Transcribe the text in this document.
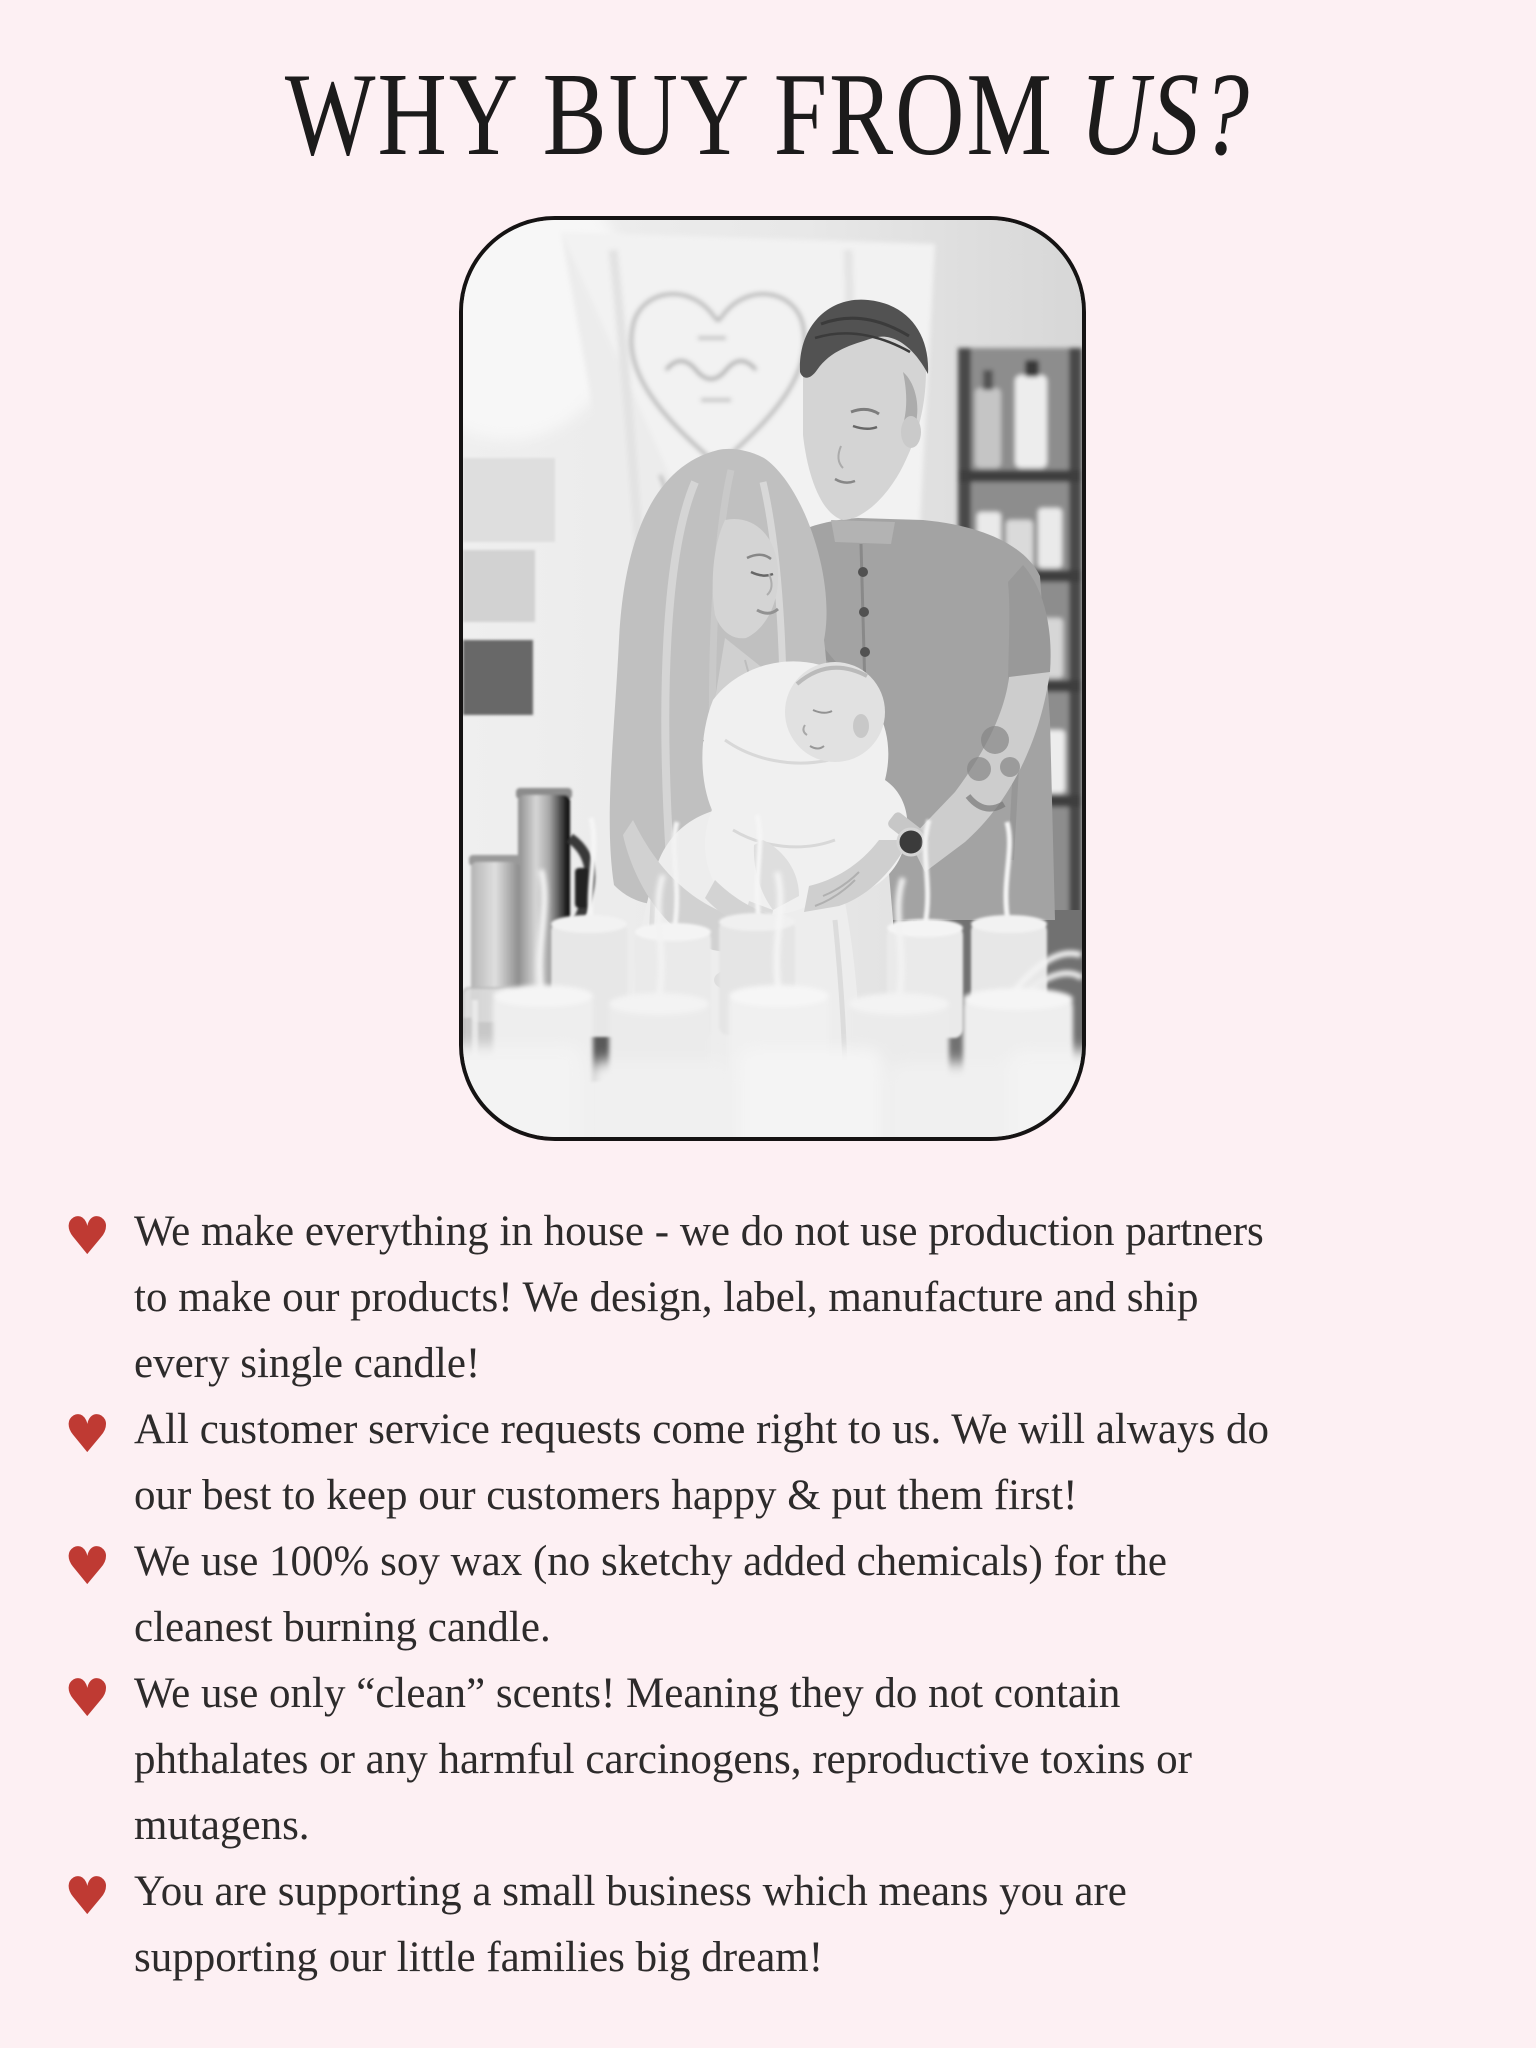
WHY BUY FROM US?
♥ We make everything in house - we do not use production partners
to make our products! We design, label, manufacture and ship
every single candle!
♥ All customer service requests come right to us. We will always do
our best to keep our customers happy & put them first!
♥ We use 100% soy wax (no sketchy added chemicals) for the
cleanest burning candle.
♥ We use only “clean” scents! Meaning they do not contain
phthalates or any harmful carcinogens, reproductive toxins or
mutagens.
♥ You are supporting a small business which means you are
supporting our little families big dream!
